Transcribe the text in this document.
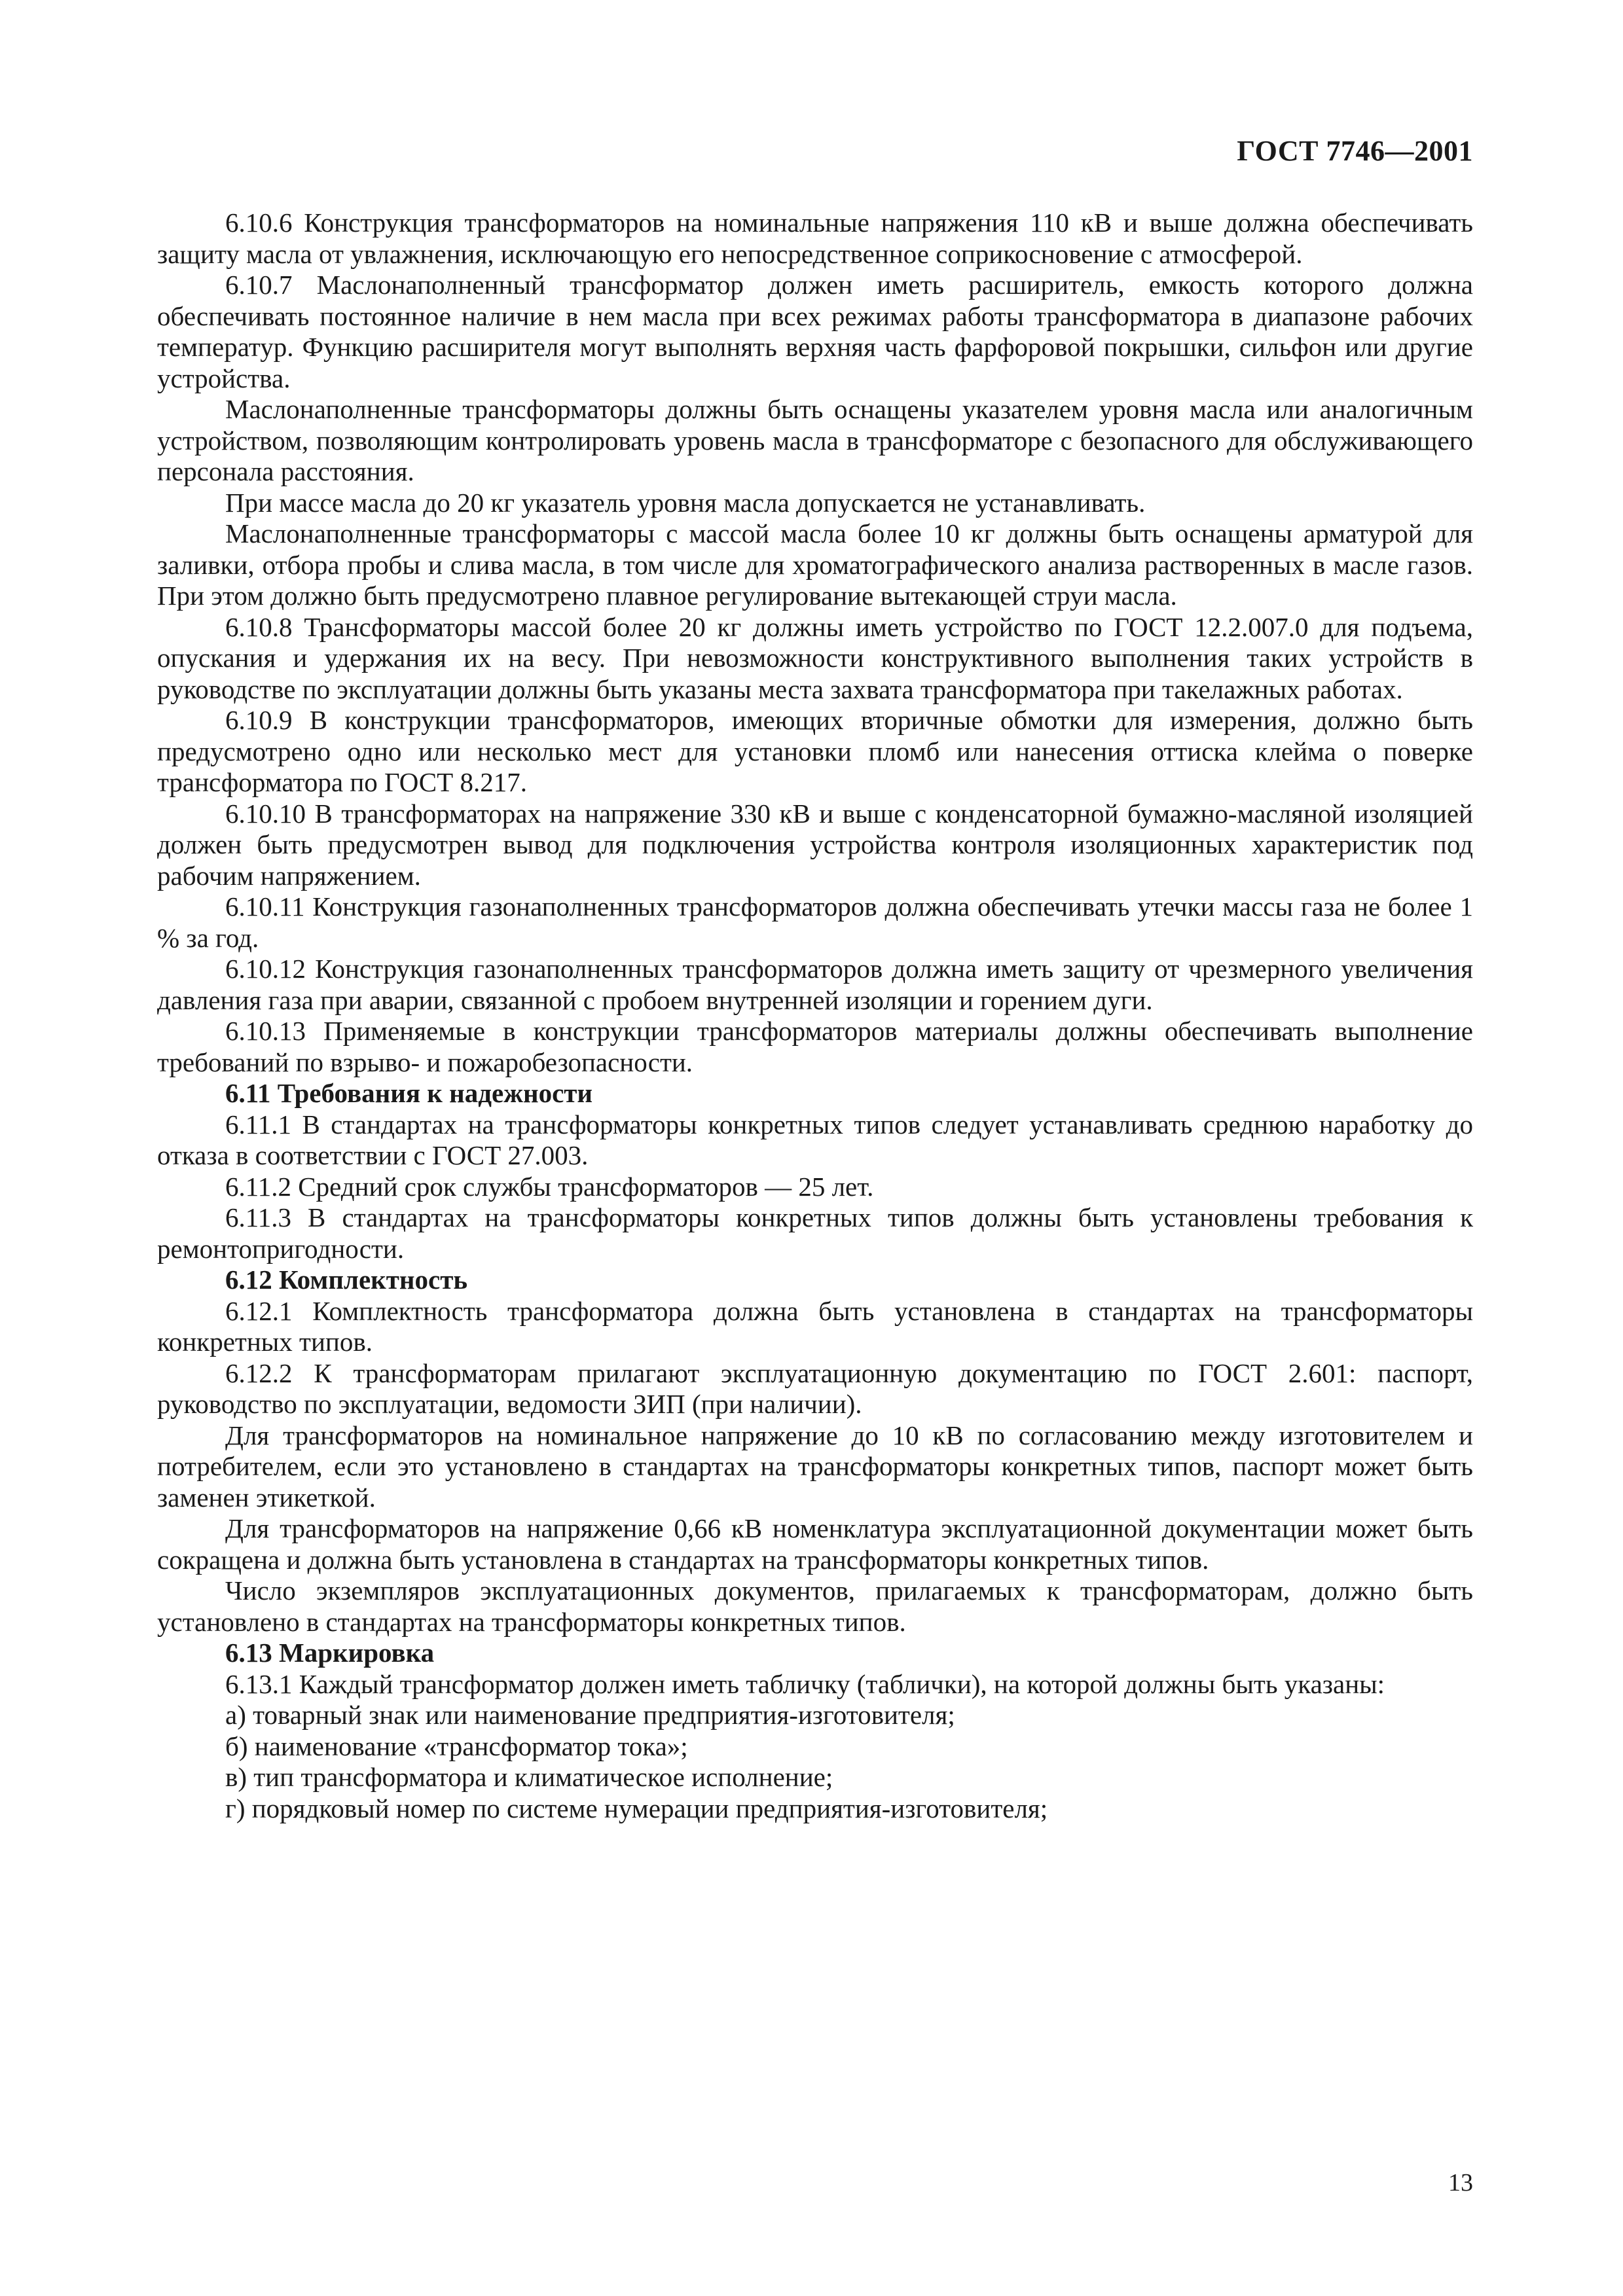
ГОСТ 7746—2001

6.10.6 Конструкция трансформаторов на номинальные напряжения 110 кВ и выше должна обеспечивать защиту масла от увлажнения, исключающую его непосредственное соприкосновение с атмосферой.

6.10.7 Маслонаполненный трансформатор должен иметь расширитель, емкость которого должна обеспечивать постоянное наличие в нем масла при всех режимах работы трансформатора в диапазоне рабочих температур. Функцию расширителя могут выполнять верхняя часть фарфоровой покрышки, сильфон или другие устройства.

Маслонаполненные трансформаторы должны быть оснащены указателем уровня масла или аналогичным устройством, позволяющим контролировать уровень масла в трансформаторе с безопасного для обслуживающего персонала расстояния.

При массе масла до 20 кг указатель уровня масла допускается не устанавливать.

Маслонаполненные трансформаторы с массой масла более 10 кг должны быть оснащены арматурой для заливки, отбора пробы и слива масла, в том числе для хроматографического анализа растворенных в масле газов. При этом должно быть предусмотрено плавное регулирование вытекающей струи масла.

6.10.8 Трансформаторы массой более 20 кг должны иметь устройство по ГОСТ 12.2.007.0 для подъема, опускания и удержания их на весу. При невозможности конструктивного выполнения таких устройств в руководстве по эксплуатации должны быть указаны места захвата трансформатора при такелажных работах.

6.10.9 В конструкции трансформаторов, имеющих вторичные обмотки для измерения, должно быть предусмотрено одно или несколько мест для установки пломб или нанесения оттиска клейма о поверке трансформатора по ГОСТ 8.217.

6.10.10 В трансформаторах на напряжение 330 кВ и выше с конденсаторной бумажно-масляной изоляцией должен быть предусмотрен вывод для подключения устройства контроля изоляционных характеристик под рабочим напряжением.

6.10.11 Конструкция газонаполненных трансформаторов должна обеспечивать утечки массы газа не более 1 % за год.

6.10.12 Конструкция газонаполненных трансформаторов должна иметь защиту от чрезмерного увеличения давления газа при аварии, связанной с пробоем внутренней изоляции и горением дуги.

6.10.13 Применяемые в конструкции трансформаторов материалы должны обеспечивать выполнение требований по взрыво- и пожаробезопасности.

6.11 Требования к надежности

6.11.1 В стандартах на трансформаторы конкретных типов следует устанавливать среднюю наработку до отказа в соответствии с ГОСТ 27.003.

6.11.2 Средний срок службы трансформаторов — 25 лет.

6.11.3 В стандартах на трансформаторы конкретных типов должны быть установлены требования к ремонтопригодности.

6.12 Комплектность

6.12.1 Комплектность трансформатора должна быть установлена в стандартах на трансформаторы конкретных типов.

6.12.2 К трансформаторам прилагают эксплуатационную документацию по ГОСТ 2.601: паспорт, руководство по эксплуатации, ведомости ЗИП (при наличии).

Для трансформаторов на номинальное напряжение до 10 кВ по согласованию между изготовителем и потребителем, если это установлено в стандартах на трансформаторы конкретных типов, паспорт может быть заменен этикеткой.

Для трансформаторов на напряжение 0,66 кВ номенклатура эксплуатационной документации может быть сокращена и должна быть установлена в стандартах на трансформаторы конкретных типов.

Число экземпляров эксплуатационных документов, прилагаемых к трансформаторам, должно быть установлено в стандартах на трансформаторы конкретных типов.

6.13 Маркировка

6.13.1 Каждый трансформатор должен иметь табличку (таблички), на которой должны быть указаны:

а) товарный знак или наименование предприятия-изготовителя;

б) наименование «трансформатор тока»;

в) тип трансформатора и климатическое исполнение;

г) порядковый номер по системе нумерации предприятия-изготовителя;

13
